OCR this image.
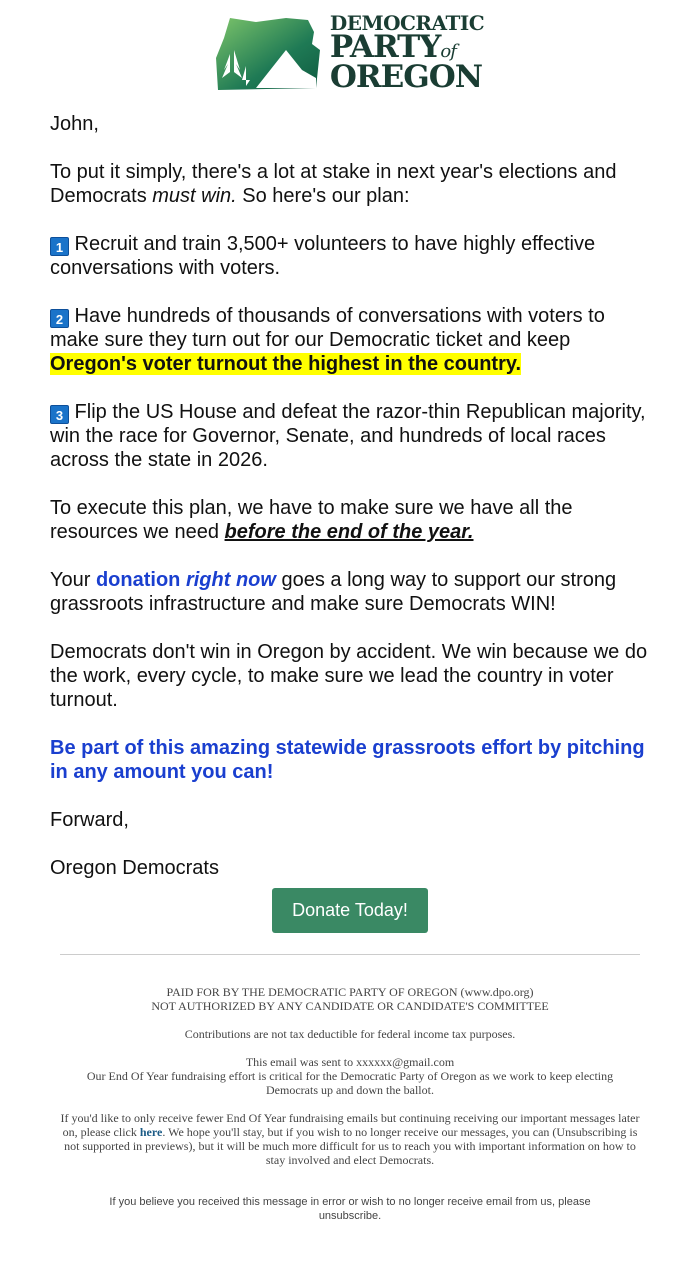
DEMOCRATIC
PARTYof
OREGON

John,

To put it simply, there's a lot at stake in next year's elections and Democrats must win. So here's our plan:

1 Recruit and train 3,500+ volunteers to have highly effective conversations with voters.

2 Have hundreds of thousands of conversations with voters to make sure they turn out for our Democratic ticket and keep Oregon's voter turnout the highest in the country.

3 Flip the US House and defeat the razor-thin Republican majority, win the race for Governor, Senate, and hundreds of local races across the state in 2026.

To execute this plan, we have to make sure we have all the resources we need before the end of the year.

Your donation right now goes a long way to support our strong grassroots infrastructure and make sure Democrats WIN!

Democrats don't win in Oregon by accident. We win because we do the work, every cycle, to make sure we lead the country in voter turnout.

Be part of this amazing statewide grassroots effort by pitching in any amount you can!

Forward,

Oregon Democrats

Donate Today!

PAID FOR BY THE DEMOCRATIC PARTY OF OREGON (www.dpo.org)
NOT AUTHORIZED BY ANY CANDIDATE OR CANDIDATE'S COMMITTEE

Contributions are not tax deductible for federal income tax purposes.

This email was sent to xxxxxx@gmail.com
Our End Of Year fundraising effort is critical for the Democratic Party of Oregon as we work to keep electing Democrats up and down the ballot.

If you'd like to only receive fewer End Of Year fundraising emails but continuing receiving our important messages later on, please click here. We hope you'll stay, but if you wish to no longer receive our messages, you can (Unsubscribing is not supported in previews), but it will be much more difficult for us to reach you with important information on how to stay involved and elect Democrats.

If you believe you received this message in error or wish to no longer receive email from us, please unsubscribe.
